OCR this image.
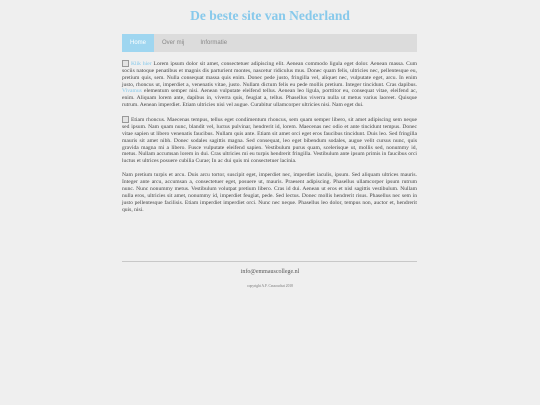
De beste site van Nederland
Home	Over mij	Informatie

Klik hier Lorem ipsum dolor sit amet, consectetuer adipiscing elit. Aenean commodo ligula eget dolor. Aenean massa. Cum sociis natoque penatibus et magnis dis parturient montes, nascetur ridiculus mus. Donec quam felis, ultricies nec, pellentesque eu, pretium quis, sem. Nulla consequat massa quis enim. Donec pede justo, fringilla vel, aliquet nec, vulputate eget, arcu. In enim justo, rhoncus ut, imperdiet a, venenatis vitae, justo. Nullam dictum felis eu pede mollis pretium. Integer tincidunt. Cras dapibus. Vivamus elementum semper nisi. Aenean vulputate eleifend tellus. Aenean leo ligula, porttitor eu, consequat vitae, eleifend ac, enim. Aliquam lorem ante, dapibus in, viverra quis, feugiat a, tellus. Phasellus viverra nulla ut metus varius laoreet. Quisque rutrum. Aenean imperdiet. Etiam ultricies nisi vel augue. Curabitur ullamcorper ultricies nisi. Nam eget dui.

Etiam rhoncus. Maecenas tempus, tellus eget condimentum rhoncus, sem quam semper libero, sit amet adipiscing sem neque sed ipsum. Nam quam nunc, blandit vel, luctus pulvinar, hendrerit id, lorem. Maecenas nec odio et ante tincidunt tempus. Donec vitae sapien ut libero venenatis faucibus. Nullam quis ante. Etiam sit amet orci eget eros faucibus tincidunt. Duis leo. Sed fringilla mauris sit amet nibh. Donec sodales sagittis magna. Sed consequat, leo eget bibendum sodales, augue velit cursus nunc, quis gravida magna mi a libero. Fusce vulputate eleifend sapien. Vestibulum purus quam, scelerisque ut, mollis sed, nonummy id, metus. Nullam accumsan lorem in dui. Cras ultricies mi eu turpis hendrerit fringilla. Vestibulum ante ipsum primis in faucibus orci luctus et ultrices posuere cubilia Curae; In ac dui quis mi consectetuer lacinia.

Nam pretium turpis et arcu. Duis arcu tortor, suscipit eget, imperdiet nec, imperdiet iaculis, ipsum. Sed aliquam ultrices mauris. Integer ante arcu, accumsan a, consectetuer eget, posuere ut, mauris. Praesent adipiscing. Phasellus ullamcorper ipsum rutrum nunc. Nunc nonummy metus. Vestibulum volutpat pretium libero. Cras id dui. Aenean ut eros et nisl sagittis vestibulum. Nullam nulla eros, ultricies sit amet, nonummy id, imperdiet feugiat, pede. Sed lectus. Donec mollis hendrerit risus. Phasellus nec sem in justo pellentesque facilisis. Etiam imperdiet imperdiet orci. Nunc nec neque. Phasellus leo dolor, tempus non, auctor et, hendrerit quis, nisi.

info@emmauscollege.nl
copyright A.F. Cassouchat 2018
